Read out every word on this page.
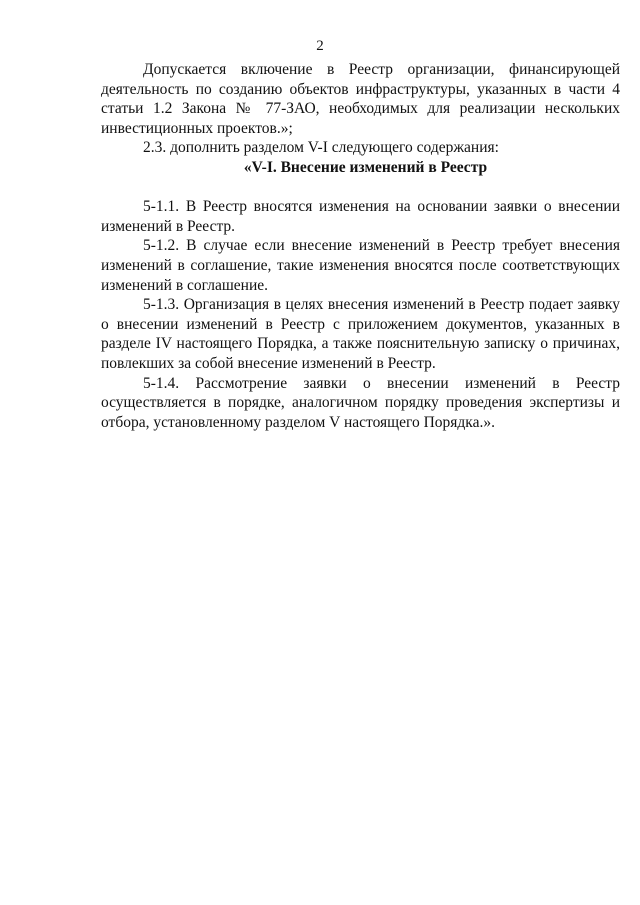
2

Допускается включение в Реестр организации, финансирующей деятельность по созданию объектов инфраструктуры, указанных в части 4 статьи 1.2 Закона № 77-ЗАО, необходимых для реализации нескольких инвестиционных проектов.»;

2.3. дополнить разделом V-I следующего содержания:

«V-I. Внесение изменений в Реестр

5-1.1. В Реестр вносятся изменения на основании заявки о внесении изменений в Реестр.

5-1.2. В случае если внесение изменений в Реестр требует внесения изменений в соглашение, такие изменения вносятся после соответствующих изменений в соглашение.

5-1.3. Организация в целях внесения изменений в Реестр подает заявку о внесении изменений в Реестр с приложением документов, указанных в разделе IV настоящего Порядка, а также пояснительную записку о причинах, повлекших за собой внесение изменений в Реестр.

5-1.4. Рассмотрение заявки о внесении изменений в Реестр осуществляется в порядке, аналогичном порядку проведения экспертизы и отбора, установленному разделом V настоящего Порядка.».
